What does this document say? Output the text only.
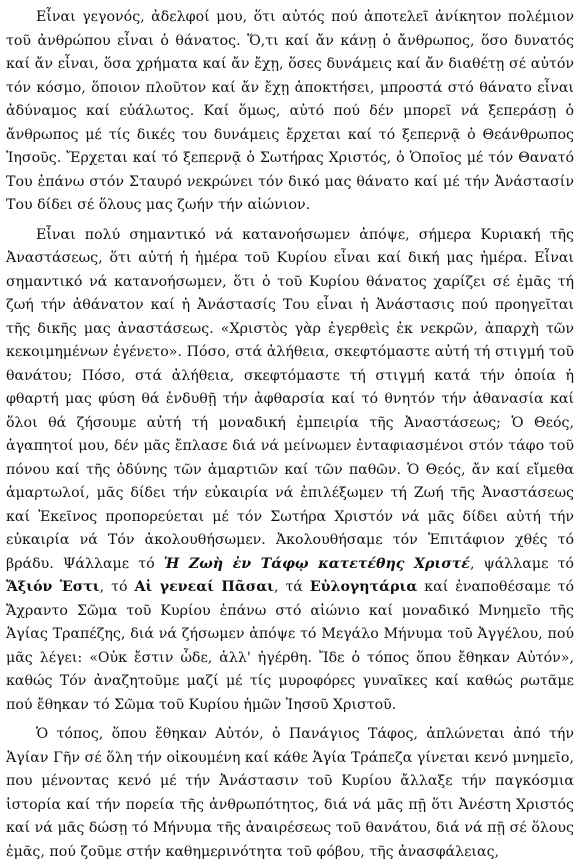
Εἶναι γεγονός, ἀδελφοί μου, ὅτι αὐτός πού ἀποτελεῖ ἀνίκητον πολέμιον τοῦ ἀνθρώπου εἶναι ὁ θάνατος. Ὅ,τι καί ἄν κάνῃ ὁ ἄνθρωπος, ὅσο δυνατός καί ἄν εἶναι, ὅσα χρήματα καί ἄν ἔχῃ, ὅσες δυνάμεις καί ἄν διαθέτῃ σέ αὐτόν τόν κόσμο, ὅποιον πλοῦτον καί ἄν ἔχῃ ἀποκτήσει, μπροστά στό θάνατο εἶναι ἀδύναμος καί εὐάλωτος. Καί ὅμως, αὐτό πού δέν μπορεῖ νά ξεπεράσῃ ὁ ἄνθρωπος μέ τίς δικές του δυνάμεις ἔρχεται καί τό ξεπερνᾷ ὁ Θεάνθρωπος Ἰησοῦς. Ἔρχεται καί τό ξεπερνᾷ ὁ Σωτήρας Χριστός, ὁ Ὁποῖος μέ τόν Θανατό Του ἐπάνω στόν Σταυρό νεκρώνει τόν δικό μας θάνατο καί μέ τήν Ἀνάστασίν Του δίδει σέ ὅλους μας ζωήν τήν αἰώνιον.

Εἶναι πολύ σημαντικό νά κατανοήσωμεν ἀπόψε, σήμερα Κυριακή τῆς Ἀναστάσεως, ὅτι αὐτή ἡ ἡμέρα τοῦ Κυρίου εἶναι καί δική μας ἡμέρα. Εἶναι σημαντικό νά κατανοήσωμεν, ὅτι ὁ τοῦ Κυρίου θάνατος χαρίζει σέ ἐμᾶς τή ζωή τήν ἀθάνατον καί ἡ Ἀνάστασίς Του εἶναι ἡ Ἀνάστασις πού προηγεῖται τῆς δικῆς μας ἀναστάσεως. «Χριστὸς γὰρ ἐγερθεὶς ἐκ νεκρῶν, ἀπαρχὴ τῶν κεκοιμημένων ἐγένετο». Πόσο, στά ἀλήθεια, σκεφτόμαστε αὐτή τή στιγμή τοῦ θανάτου; Πόσο, στά ἀλήθεια, σκεφτόμαστε τή στιγμή κατά τήν ὁποία ἡ φθαρτή μας φύση θά ἐνδυθῇ τήν ἀφθαρσία καί τό θνητόν τήν ἀθανασία καί ὅλοι θά ζήσουμε αὐτή τή μοναδική ἐμπειρία τῆς Ἀναστάσεως; Ὁ Θεός, ἀγαπητοί μου, δέν μᾶς ἔπλασε διά νά μείνωμεν ἐνταφιασμένοι στόν τάφο τοῦ πόνου καί τῆς ὀδύνης τῶν ἁμαρτιῶν καί τῶν παθῶν. Ὁ Θεός, ἄν καί εἴμεθα ἁμαρτωλοί, μᾶς δίδει τήν εὐκαιρία νά ἐπιλέξωμεν τή Ζωή τῆς Ἀναστάσεως καί Ἐκεῖνος προπορεύεται μέ τόν Σωτήρα Χριστόν νά μᾶς δίδει αὐτή τήν εὐκαιρία νά Τόν ἀκολουθήσωμεν. Ἀκολουθήσαμε τόν Ἐπιτάφιον χθές τό βράδυ. Ψάλλαμε τό Ἡ Ζωὴ ἐν Τάφῳ κατετέθης Χριστέ, ψάλλαμε τό Ἄξιόν Ἐστι, τό Αἱ γενεαί Πᾶσαι, τά Εὐλογητάρια καί ἐναποθέσαμε τό Ἄχραντο Σῶμα τοῦ Κυρίου ἐπάνω στό αἰώνιο καί μοναδικό Μνημεῖο τῆς Ἁγίας Τραπέζης, διά νά ζήσωμεν ἀπόψε τό Μεγάλο Μήνυμα τοῦ Ἀγγέλου, πού μᾶς λέγει: «Οὐκ ἔστιν ὧδε, ἀλλ' ἠγέρθη. Ἴδε ὁ τόπος ὅπου ἔθηκαν Αὐτόν», καθώς Τόν ἀναζητοῦμε μαζί μέ τίς μυροφόρες γυναῖκες καί καθώς ρωτᾶμε πού ἔθηκαν τό Σῶμα τοῦ Κυρίου ἡμῶν Ἰησοῦ Χριστοῦ.

Ὁ τόπος, ὅπου ἔθηκαν Αὐτόν, ὁ Πανάγιος Τάφος, ἁπλώνεται ἀπό τήν Ἁγίαν Γῆν σέ ὅλη τήν οἰκουμένη καί κάθε Ἁγία Τράπεζα γίνεται κενό μνημεῖο, που μένοντας κενό μέ τήν Ἀνάστασιν τοῦ Κυρίου ἄλλαξε τήν παγκόσμια ἱστορία καί τήν πορεία τῆς ἀνθρωπότητος, διά νά μᾶς πῇ ὅτι Ἀνέστη Χριστός καί νά μᾶς δώσῃ τό Μήνυμα τῆς ἀναιρέσεως τοῦ θανάτου, διά νά πῇ σέ ὅλους ἐμᾶς, πού ζοῦμε στήν καθημερινότητα τοῦ φόβου, τῆς ἀνασφάλειας,
